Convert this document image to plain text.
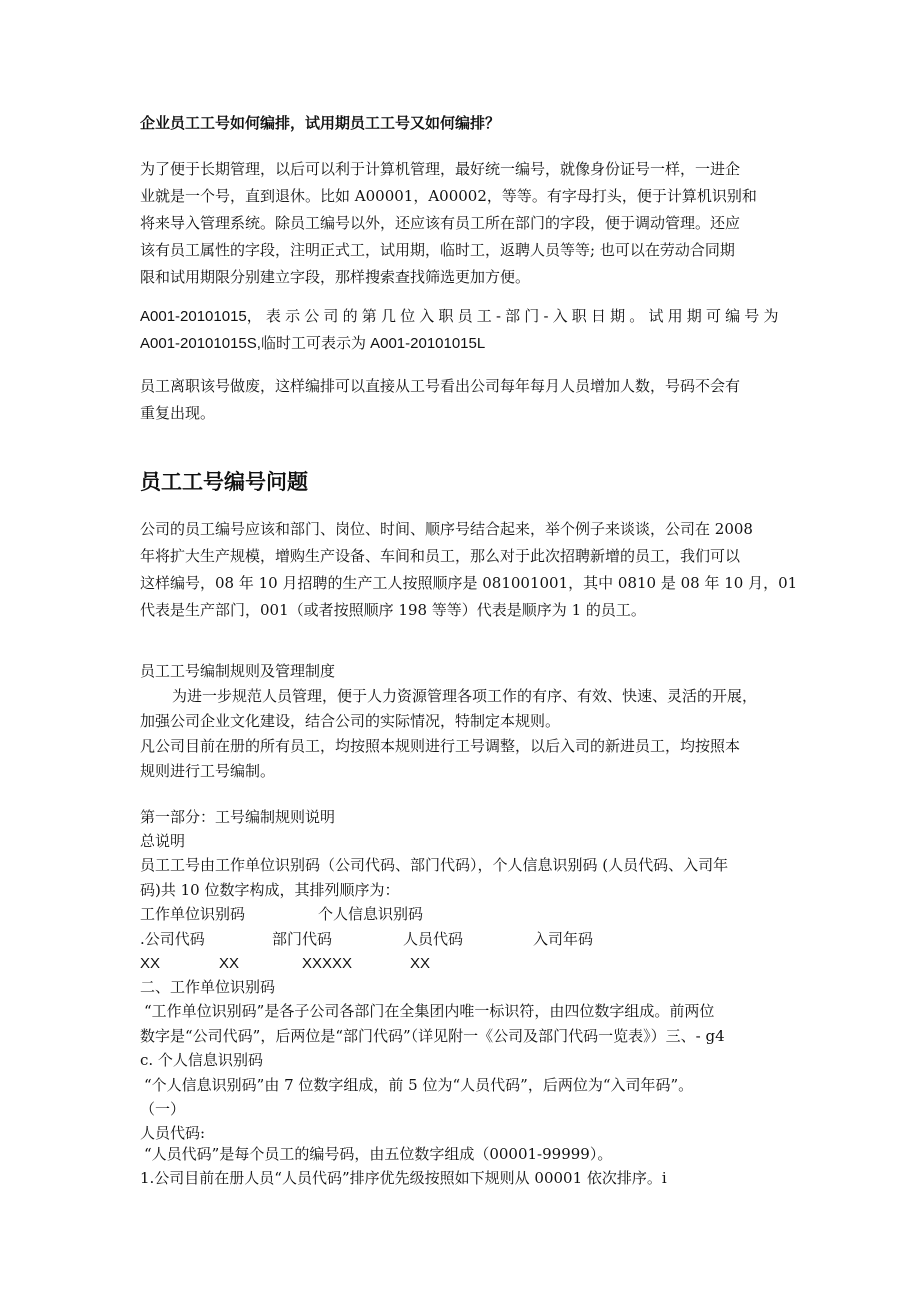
企业员工工号如何编排，试用期员工工号又如何编排？
为了便于长期管理，以后可以利于计算机管理，最好统一编号，就像身份证号一样，一进企
业就是一个号，直到退休。比如 A00001，A00002，等等。有字母打头，便于计算机识别和
将来导入管理系统。除员工编号以外，还应该有员工所在部门的字段，便于调动管理。还应
该有员工属性的字段，注明正式工，试用期，临时工，返聘人员等等; 也可以在劳动合同期
限和试用期限分别建立字段，那样搜索查找筛选更加方便。
A001-20101015， 表 示 公 司 的 第 几 位 入 职 员 工 - 部 门 - 入 职 日 期 。 试 用 期 可 编 号 为
A001-20101015S,临时工可表示为 A001-20101015L
员工离职该号做废，这样编排可以直接从工号看出公司每年每月人员增加人数，号码不会有
重复出现。
员工工号编号问题
公司的员工编号应该和部门、岗位、时间、顺序号结合起来，举个例子来谈谈，公司在 2008
年将扩大生产规模，增购生产设备、车间和员工，那么对于此次招聘新增的员工，我们可以
这样编号，08 年 10 月招聘的生产工人按照顺序是 081001001，其中 0810 是 08 年 10 月，01
代表是生产部门，001（或者按照顺序 198 等等）代表是顺序为 1 的员工。
员工工号编制规则及管理制度
为进一步规范人员管理，便于人力资源管理各项工作的有序、有效、快速、灵活的开展，
加强公司企业文化建设，结合公司的实际情况，特制定本规则。
凡公司目前在册的所有员工，均按照本规则进行工号调整，以后入司的新进员工，均按照本
规则进行工号编制。
第一部分：工号编制规则说明
总说明
员工工号由工作单位识别码（公司代码、部门代码），个人信息识别码 (人员代码、入司年
码)共 10 位数字构成，其排列顺序为：
工作单位识别码	个人信息识别码
.公司代码	部门代码	人员代码	入司年码
XX	XX	XXXXX	XX
二、工作单位识别码
“工作单位识别码”是各子公司各部门在全集团内唯一标识符，由四位数字组成。前两位
数字是“公司代码”，后两位是“部门代码”（详见附一《公司及部门代码一览表》）三、- g4
c. 个人信息识别码
“个人信息识别码”由 7 位数字组成，前 5 位为“人员代码”，后两位为“入司年码”。
（一）
人员代码:
“人员代码”是每个员工的编号码，由五位数字组成（00001-99999）。
1.公司目前在册人员“人员代码”排序优先级按照如下规则从 00001 依次排序。i
